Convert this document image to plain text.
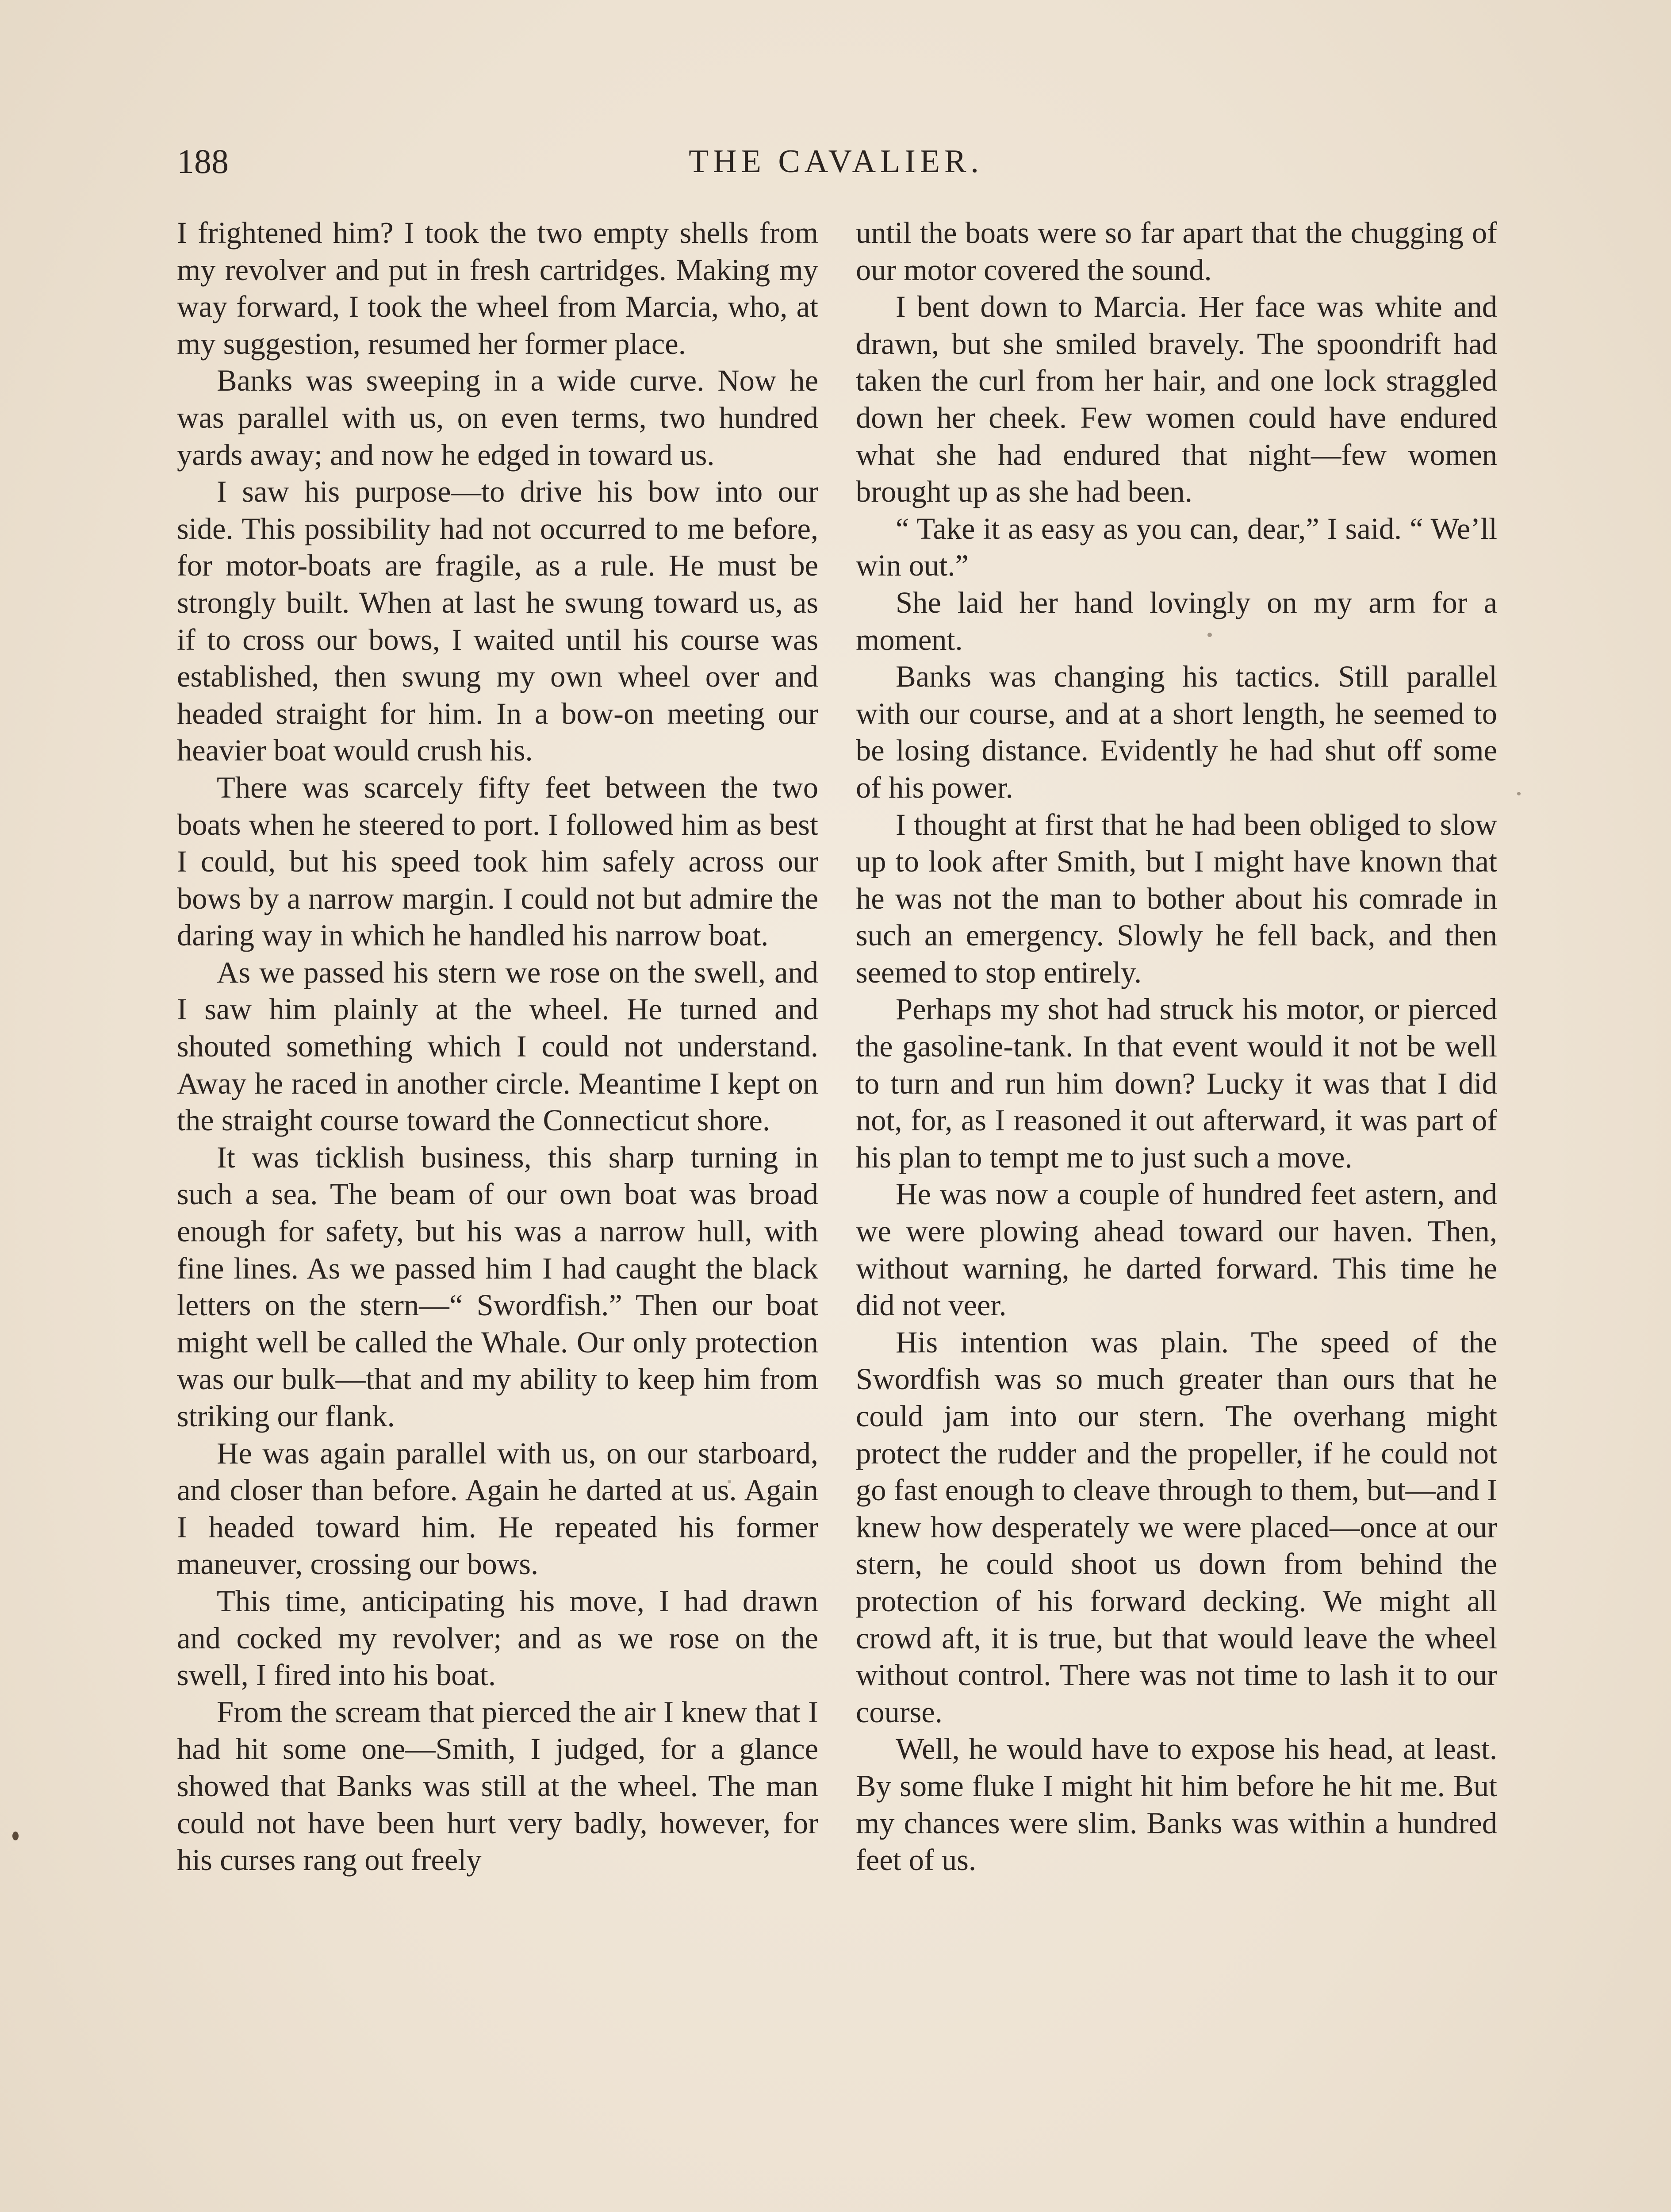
188	THE CAVALIER.

I frightened him? I took the two empty shells from my revolver and put in fresh cartridges. Making my way forward, I took the wheel from Marcia, who, at my suggestion, resumed her former place.

Banks was sweeping in a wide curve. Now he was parallel with us, on even terms, two hundred yards away; and now he edged in toward us.

I saw his purpose—to drive his bow into our side. This possibility had not occurred to me before, for motor-boats are fragile, as a rule. He must be strongly built. When at last he swung toward us, as if to cross our bows, I waited until his course was established, then swung my own wheel over and headed straight for him. In a bow-on meeting our heavier boat would crush his.

There was scarcely fifty feet between the two boats when he steered to port. I followed him as best I could, but his speed took him safely across our bows by a narrow margin. I could not but admire the daring way in which he handled his narrow boat.

As we passed his stern we rose on the swell, and I saw him plainly at the wheel. He turned and shouted something which I could not understand. Away he raced in another circle. Meantime I kept on the straight course toward the Connecticut shore.

It was ticklish business, this sharp turning in such a sea. The beam of our own boat was broad enough for safety, but his was a narrow hull, with fine lines. As we passed him I had caught the black letters on the stern—“ Swordfish.” Then our boat might well be called the Whale. Our only protection was our bulk—that and my ability to keep him from striking our flank.

He was again parallel with us, on our starboard, and closer than before. Again he darted at us. Again I headed toward him. He repeated his former maneuver, crossing our bows.

This time, anticipating his move, I had drawn and cocked my revolver; and as we rose on the swell, I fired into his boat.

From the scream that pierced the air I knew that I had hit some one—Smith, I judged, for a glance showed that Banks was still at the wheel. The man could not have been hurt very badly, however, for his curses rang out freely

until the boats were so far apart that the chugging of our motor covered the sound.

I bent down to Marcia. Her face was white and drawn, but she smiled bravely. The spoondrift had taken the curl from her hair, and one lock straggled down her cheek. Few women could have endured what she had endured that night—few women brought up as she had been.

“ Take it as easy as you can, dear,” I said. “ We’ll win out.”

She laid her hand lovingly on my arm for a moment.

Banks was changing his tactics. Still parallel with our course, and at a short length, he seemed to be losing distance. Evidently he had shut off some of his power.

I thought at first that he had been obliged to slow up to look after Smith, but I might have known that he was not the man to bother about his comrade in such an emergency. Slowly he fell back, and then seemed to stop entirely.

Perhaps my shot had struck his motor, or pierced the gasoline-tank. In that event would it not be well to turn and run him down? Lucky it was that I did not, for, as I reasoned it out afterward, it was part of his plan to tempt me to just such a move.

He was now a couple of hundred feet astern, and we were plowing ahead toward our haven. Then, without warning, he darted forward. This time he did not veer.

His intention was plain. The speed of the Swordfish was so much greater than ours that he could jam into our stern. The overhang might protect the rudder and the propeller, if he could not go fast enough to cleave through to them, but—and I knew how desperately we were placed—once at our stern, he could shoot us down from behind the protection of his forward decking. We might all crowd aft, it is true, but that would leave the wheel without control. There was not time to lash it to our course.

Well, he would have to expose his head, at least. By some fluke I might hit him before he hit me. But my chances were slim. Banks was within a hundred feet of us.
